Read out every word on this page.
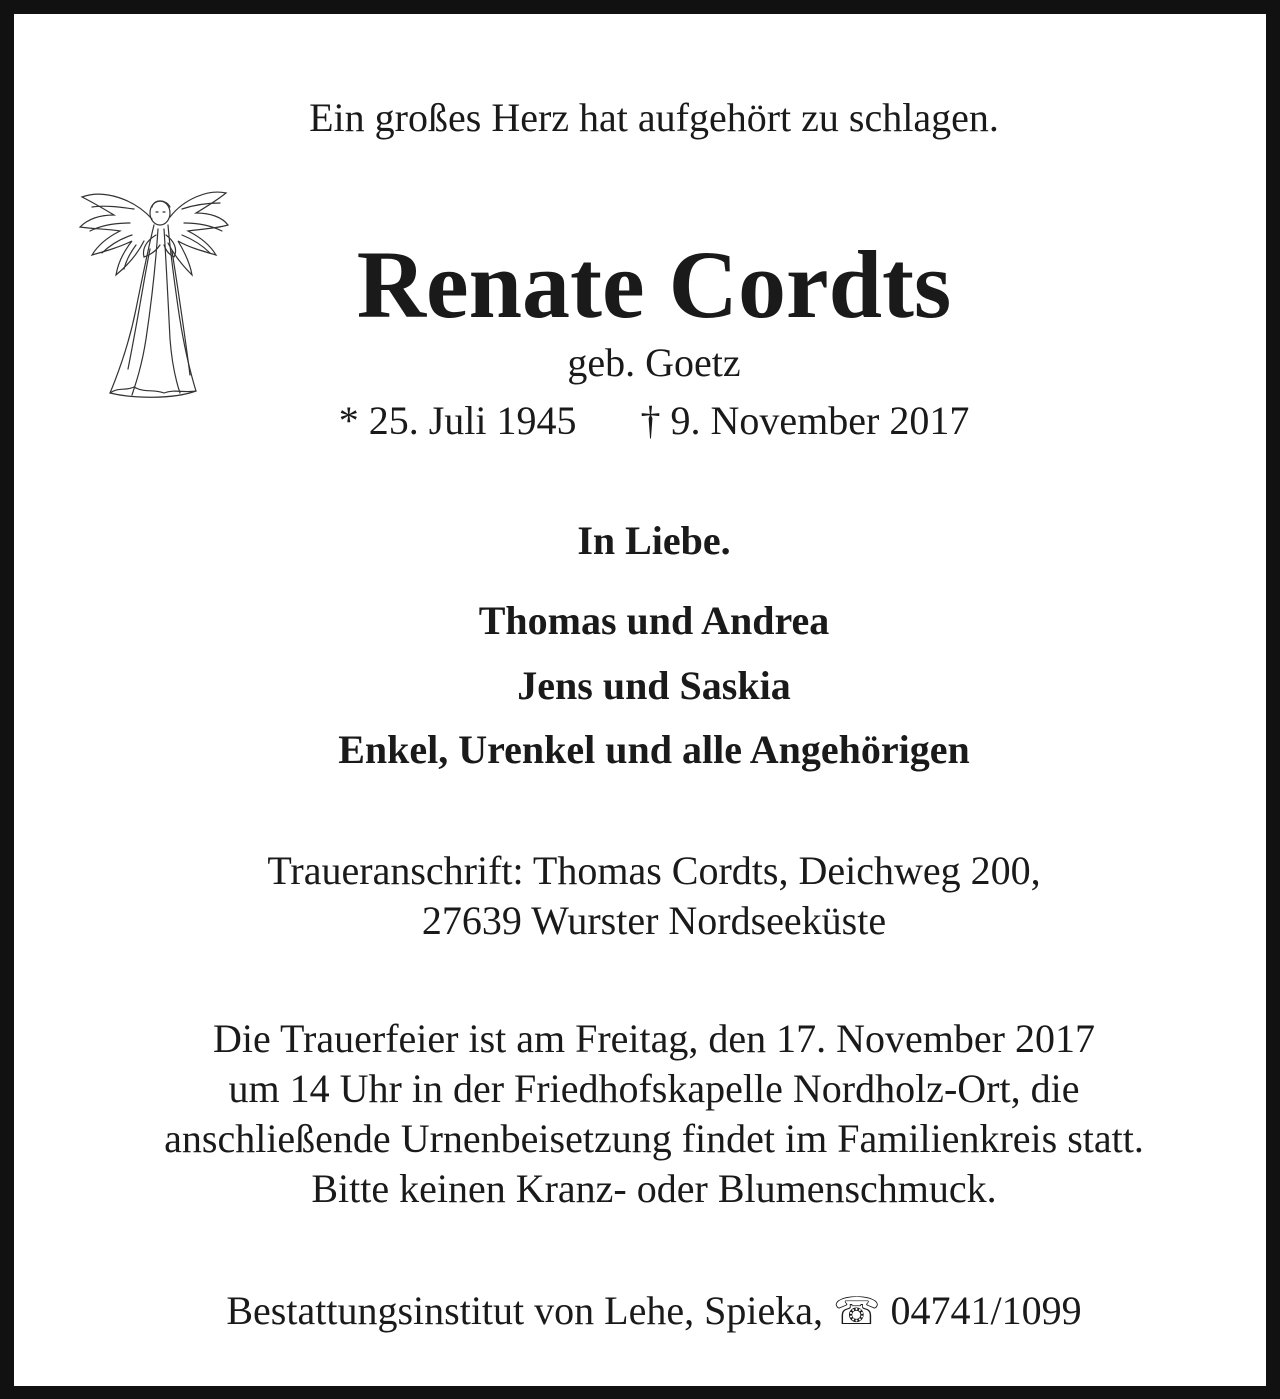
Ein großes Herz hat aufgehört zu schlagen.

Renate Cordts

geb. Goetz

* 25. Juli 1945 † 9. November 2017

In Liebe.

Thomas und Andrea

Jens und Saskia

Enkel, Urenkel und alle Angehörigen

Traueranschrift: Thomas Cordts, Deichweg 200,

27639 Wurster Nordseeküste

Die Trauerfeier ist am Freitag, den 17. November 2017

um 14 Uhr in der Friedhofskapelle Nordholz-Ort, die

anschließende Urnenbeisetzung findet im Familienkreis statt.

Bitte keinen Kranz- oder Blumenschmuck.

Bestattungsinstitut von Lehe, Spieka, ☏ 04741/1099
